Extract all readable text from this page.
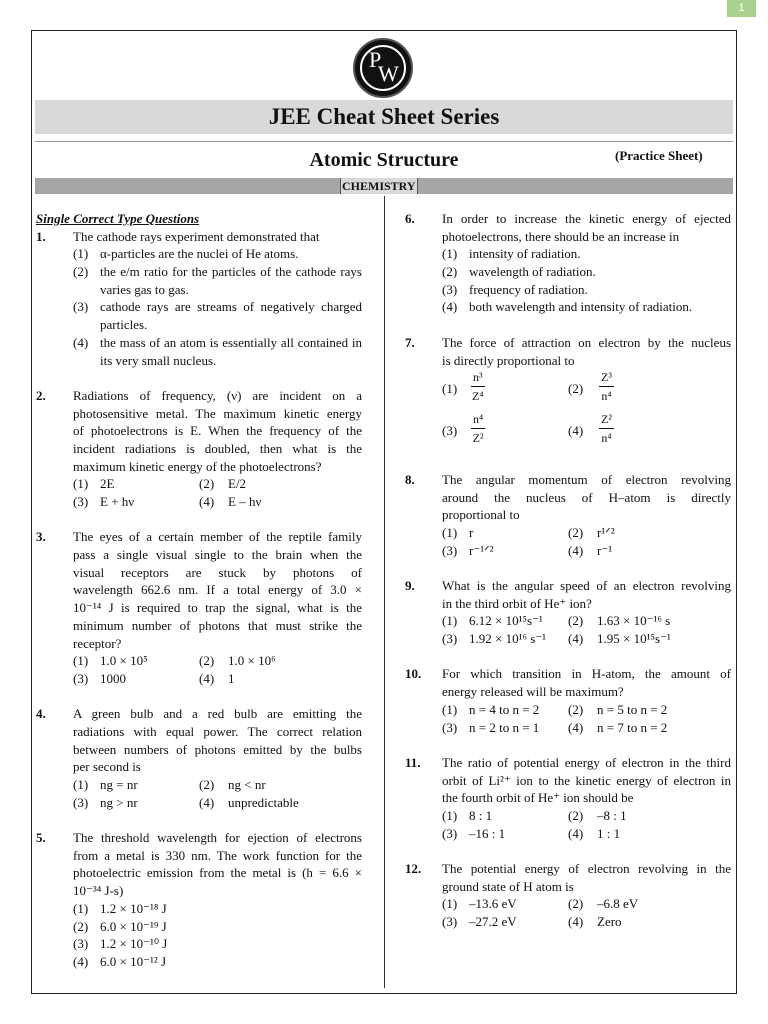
1
P
W
JEE Cheat Sheet Series
Atomic Structure	(Practice Sheet)
CHEMISTRY
Single Correct Type Questions
1. The cathode rays experiment demonstrated that
(1) α-particles are the nuclei of He atoms.
(2) the e/m ratio for the particles of the cathode rays
varies gas to gas.
(3) cathode rays are streams of negatively charged
particles.
(4) the mass of an atom is essentially all contained in
its very small nucleus.
2. Radiations of frequency, (ν) are incident on a
photosensitive metal. The maximum kinetic energy
of photoelectrons is E. When the frequency of the
incident radiations is doubled, then what is the
maximum kinetic energy of the photoelectrons?
(1) 2E	(2) E/2
(3) E + hν	(4) E – hν
3. The eyes of a certain member of the reptile family
pass a single visual single to the brain when the
visual receptors are stuck by photons of
wavelength 662.6 nm. If a total energy of 3.0 ×
10⁻¹⁴ J is required to trap the signal, what is the
minimum number of photons that must strike the
receptor?
(1) 1.0 × 10⁵	(2) 1.0 × 10⁶
(3) 1000	(4) 1
4. A green bulb and a red bulb are emitting the
radiations with equal power. The correct relation
between numbers of photons emitted by the bulbs
per second is
(1) ng = nr	(2) ng < nr
(3) ng > nr	(4) unpredictable
5. The threshold wavelength for ejection of electrons
from a metal is 330 nm. The work function for the
photoelectric emission from the metal is (h = 6.6 ×
10⁻³⁴ J-s)
(1) 1.2 × 10⁻¹⁸ J
(2) 6.0 × 10⁻¹⁹ J
(3) 1.2 × 10⁻¹⁰ J
(4) 6.0 × 10⁻¹² J
6. In order to increase the kinetic energy of ejected
photoelectrons, there should be an increase in
(1) intensity of radiation.
(2) wavelength of radiation.
(3) frequency of radiation.
(4) both wavelength and intensity of radiation.
7. The force of attraction on electron by the nucleus
is directly proportional to
$(1) \frac{\text{n³}}{\text{Z⁴}}$	$(2) \frac{\text{Z³}}{\text{n⁴}}$
$(3) \frac{\text{n⁴}}{\text{Z²}}$	$(4) \frac{\text{Z²}}{\text{n⁴}}$
8. The angular momentum of electron revolving
around the nucleus of H–atom is directly
proportional to
(1) r	(2) r¹ᐟ²
(3) r⁻¹ᐟ²	(4) r⁻¹
9. What is the angular speed of an electron revolving
in the third orbit of He⁺ ion?
(1) 6.12 × 10¹⁵s⁻¹	(2) 1.63 × 10⁻¹⁶ s
(3) 1.92 × 10¹⁶ s⁻¹	(4) 1.95 × 10¹⁵s⁻¹
10. For which transition in H-atom, the amount of
energy released will be maximum?
(1) n = 4 to n = 2	(2) n = 5 to n = 2
(3) n = 2 to n = 1	(4) n = 7 to n = 2
11. The ratio of potential energy of electron in the third
orbit of Li²⁺ ion to the kinetic energy of electron in
the fourth orbit of He⁺ ion should be
(1) 8 : 1	(2) –8 : 1
(3) –16 : 1	(4) 1 : 1
12. The potential energy of electron revolving in the
ground state of H atom is
(1) –13.6 eV	(2) –6.8 eV
(3) –27.2 eV	(4) Zero
